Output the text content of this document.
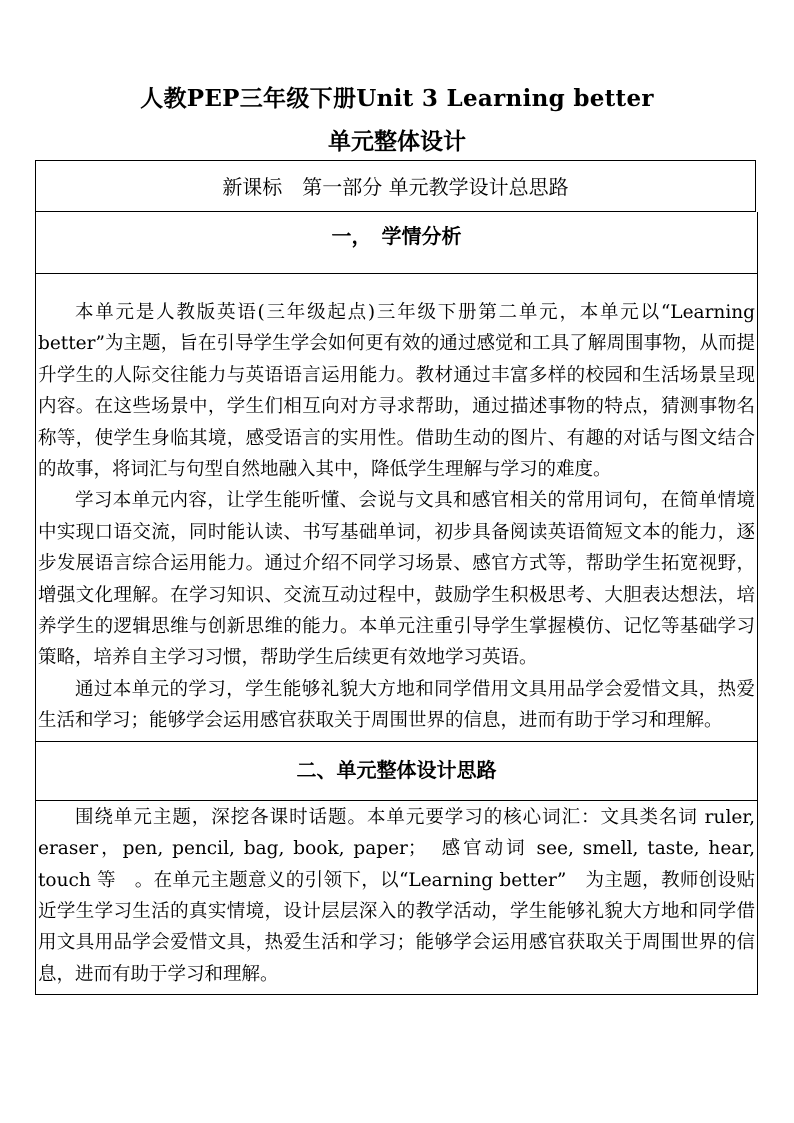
人教PEP三年级下册Unit 3 Learning better
单元整体设计
新课标　第一部分 单元教学设计总思路
一，　学情分析

本单元是人教版英语(三年级起点)三年级下册第二单元，本单元以“Learning better”为主题，旨在引导学生学会如何更有效的通过感觉和工具了解周围事物，从而提升学生的人际交往能力与英语语言运用能力。教材通过丰富多样的校园和生活场景呈现内容。在这些场景中，学生们相互向对方寻求帮助，通过描述事物的特点，猜测事物名称等，使学生身临其境，感受语言的实用性。借助生动的图片、有趣的对话与图文结合的故事，将词汇与句型自然地融入其中，降低学生理解与学习的难度。

学习本单元内容，让学生能听懂、会说与文具和感官相关的常用词句，在简单情境中实现口语交流，同时能认读、书写基础单词，初步具备阅读英语简短文本的能力，逐步发展语言综合运用能力。通过介绍不同学习场景、感官方式等，帮助学生拓宽视野，增强文化理解。在学习知识、交流互动过程中，鼓励学生积极思考、大胆表达想法，培养学生的逻辑思维与创新思维的能力。本单元注重引导学生掌握模仿、记忆等基础学习策略，培养自主学习习惯，帮助学生后续更有效地学习英语。

通过本单元的学习，学生能够礼貌大方地和同学借用文具用品学会爱惜文具，热爱生活和学习；能够学会运用感官获取关于周围世界的信息，进而有助于学习和理解。

二、单元整体设计思路

围绕单元主题，深挖各课时话题。本单元要学习的核心词汇：文具类名词 ruler, eraser，pen, pencil, bag, book, paper；　感官动词 see, smell, taste, hear, touch 等　。在单元主题意义的引领下，以“Learning better”　为主题，教师创设贴近学生学习生活的真实情境，设计层层深入的教学活动，学生能够礼貌大方地和同学借用文具用品学会爱惜文具，热爱生活和学习；能够学会运用感官获取关于周围世界的信息，进而有助于学习和理解。
